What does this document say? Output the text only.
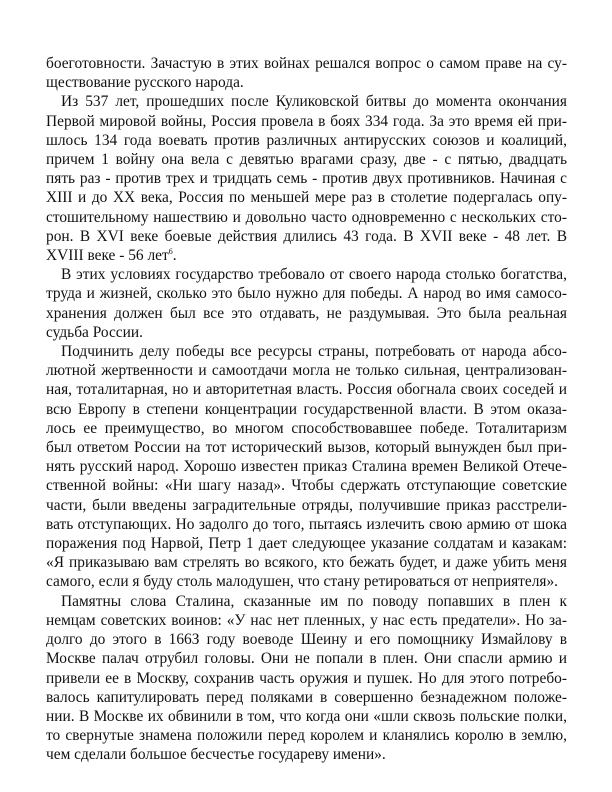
боеготовности. Зачастую в этих войнах решался вопрос о самом праве на су-
ществование русского народа.

Из 537 лет, прошедших после Куликовской битвы до момента окончания
Первой мировой войны, Россия провела в боях 334 года. За это время ей при-
шлось 134 года воевать против различных антирусских союзов и коалиций,
причем 1 войну она вела с девятью врагами сразу, две - с пятью, двадцать
пять раз - против трех и тридцать семь - против двух противников. Начиная с
XIII и до XX века, Россия по меньшей мере раз в столетие подергалась опу-
стошительному нашествию и довольно часто одновременно с нескольких сто-
рон. В XVI веке боевые действия длились 43 года. В XVII веке - 48 лет. В
XVIII веке - 56 лет$^6$.

В этих условиях государство требовало от своего народа столько богатства,
труда и жизней, сколько это было нужно для победы. А народ во имя самосо-
хранения должен был все это отдавать, не раздумывая. Это была реальная
судьба России.

Подчинить делу победы все ресурсы страны, потребовать от народа абсо-
лютной жертвенности и самоотдачи могла не только сильная, централизован-
ная, тоталитарная, но и авторитетная власть. Россия обогнала своих соседей и
всю Европу в степени концентрации государственной власти. В этом оказа-
лось ее преимущество, во многом способствовавшее победе. Тоталитаризм
был ответом России на тот исторический вызов, который вынужден был при-
нять русский народ. Хорошо известен приказ Сталина времен Великой Отече-
ственной войны: «Ни шагу назад». Чтобы сдержать отступающие советские
части, были введены заградительные отряды, получившие приказ расстрели-
вать отступающих. Но задолго до того, пытаясь излечить свою армию от шока
поражения под Нарвой, Петр 1 дает следующее указание солдатам и казакам:
«Я приказываю вам стрелять во всякого, кто бежать будет, и даже убить меня
самого, если я буду столь малодушен, что стану ретироваться от неприятеля».

Памятны слова Сталина, сказанные им по поводу попавших в плен к
немцам советских воинов: «У нас нет пленных, у нас есть предатели». Но за-
долго до этого в 166З году воеводе Шеину и его помощнику Измайлову в
Москве палач отрубил головы. Они не попали в плен. Они спасли армию и
привели ее в Москву, сохранив часть оружия и пушек. Но для этого потребо-
валось капитулировать перед поляками в совершенно безнадежном положе-
нии. В Москве их обвинили в том, что когда они «шли сквозь польские полки,
то свернутые знамена положили перед королем и кланялись королю в землю,
чем сделали большое бесчестье государеву имени».
